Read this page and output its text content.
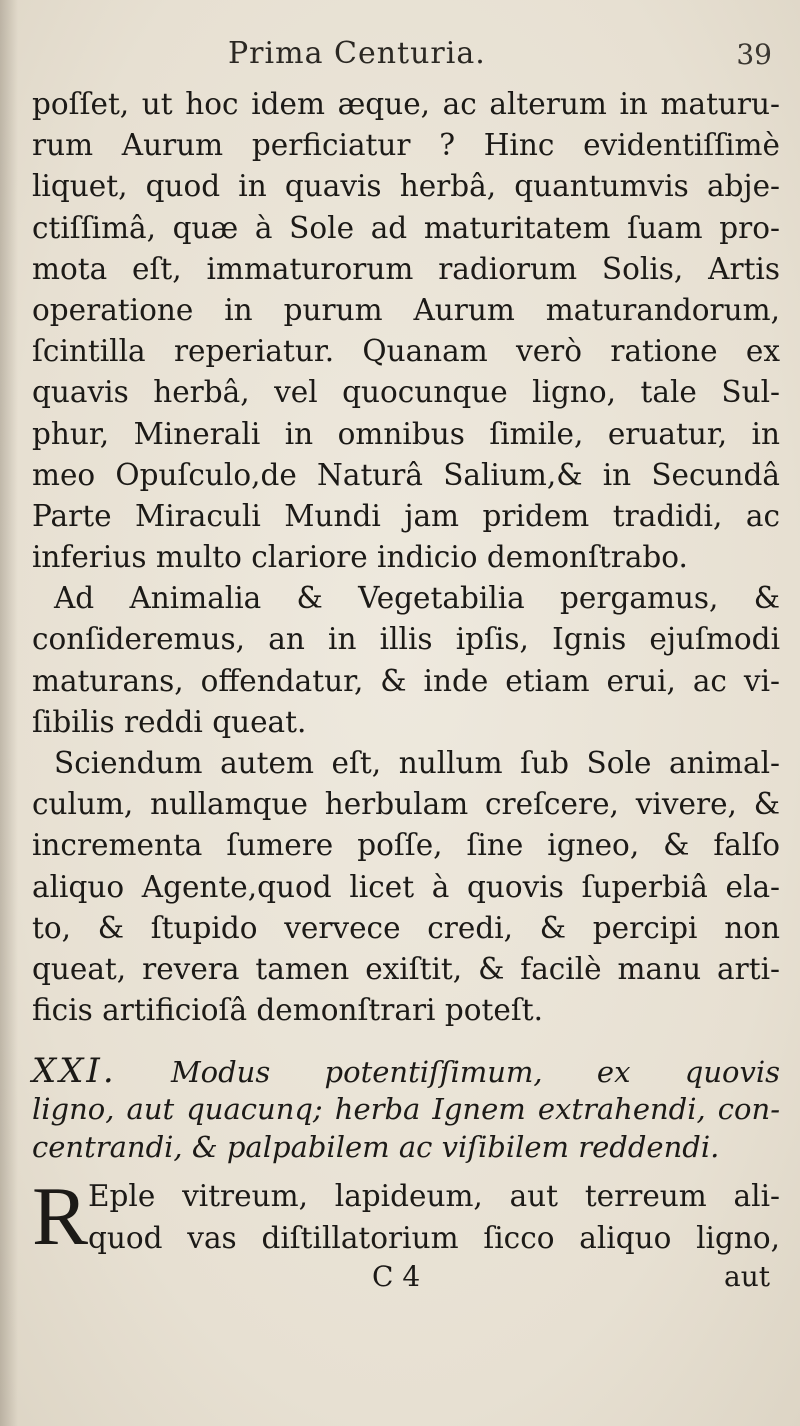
Prima Centuria.	39
poſſet, ut hoc idem æque, ac alterum in maturu-
rum Aurum perficiatur ? Hinc evidentiſſimè
liquet, quod in quavis herbâ, quantumvis abje-
ctiſſimâ, quæ à Sole ad maturitatem ſuam pro-
mota eſt, immaturorum radiorum Solis, Artis
operatione in purum Aurum maturandorum,
ſcintilla reperiatur. Quanam verò ratione ex
quavis herbâ, vel quocunque ligno, tale Sul-
phur, Minerali in omnibus ſimile, eruatur, in
meo Opuſculo,de Naturâ Salium,& in Secundâ
Parte Miraculi Mundi jam pridem tradidi, ac
inferius multo clariore indicio demonſtrabo.
Ad Animalia & Vegetabilia pergamus, &
conſideremus, an in illis ipſis, Ignis ejuſmodi
maturans, offendatur, & inde etiam erui, ac vi-
ſibilis reddi queat.
Sciendum autem eſt, nullum ſub Sole animal-
culum, nullamque herbulam creſcere, vivere, &
incrementa ſumere poſſe, ſine igneo, & falſo
aliquo Agente,quod licet à quovis ſuperbiâ ela-
to, & ſtupido vervece credi, & percipi non
queat, revera tamen exiſtit, & facilè manu arti-
ficis artificioſâ demonſtrari poteſt.
XXI. Modus potentiſſimum, ex quovis
ligno, aut quacunq; herba Ignem extrahendi, con-
centrandi, & palpabilem ac viſibilem reddendi.
R Eple vitreum, lapideum, aut terreum ali-
quod vas diſtillatorium ſicco aliquo ligno,
C 4	aut
